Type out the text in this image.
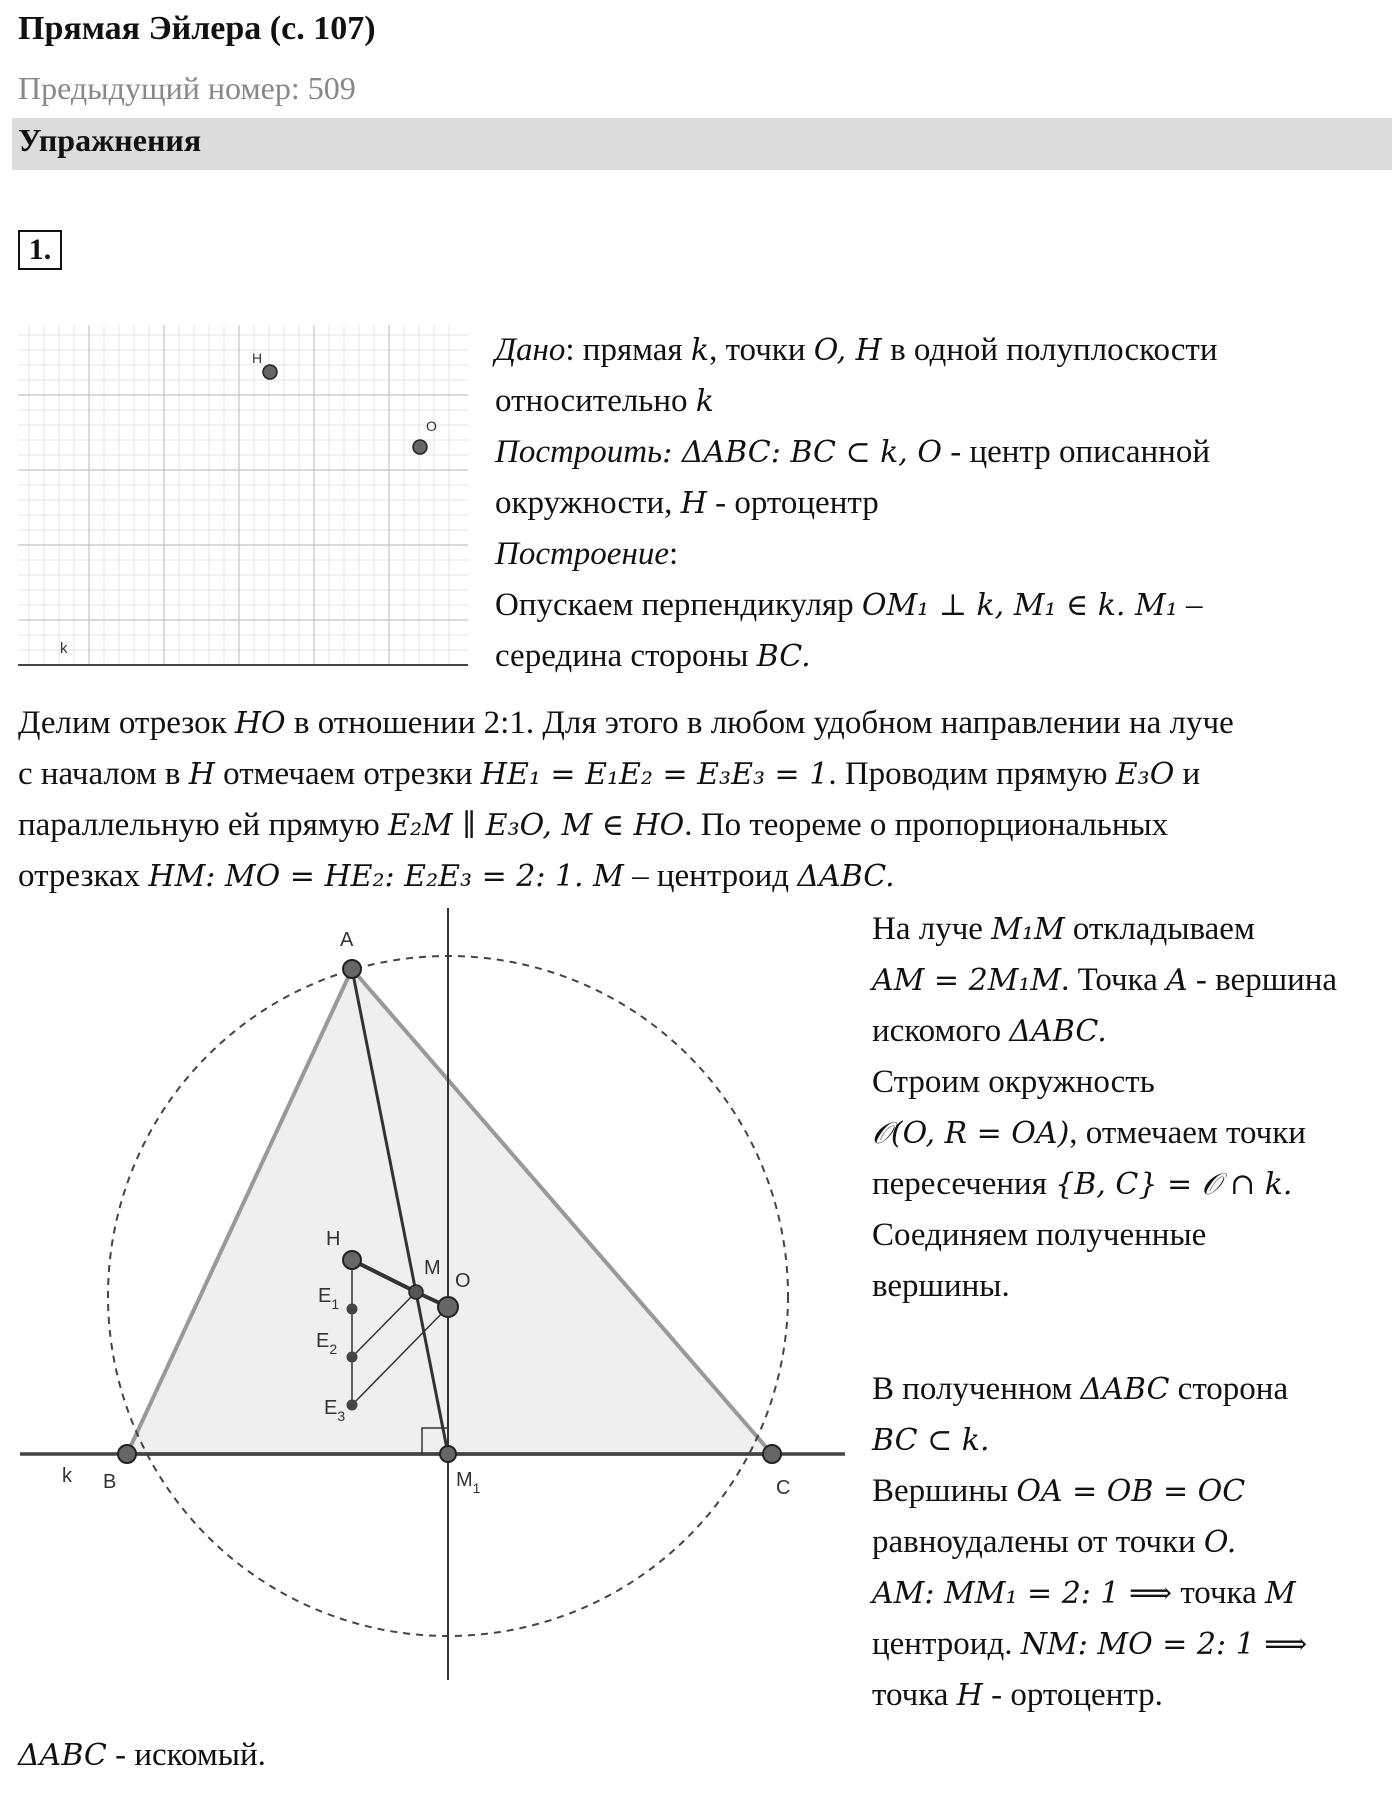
Прямая Эйлера (с. 107)
Предыдущий номер: 509
Упражнения
1.
H
O
k
Дано: прямая k, точки O, H в одной полуплоскости
относительно k
Построить: ΔABC: BC ⊂ k, O - центр описанной
окружности, H - ортоцентр
Построение:
Опускаем перпендикуляр OM₁ ⊥ k, M₁ ∈ k. M₁ –
середина стороны BC.
Делим отрезок HO в отношении 2:1. Для этого в любом удобном направлении на луче
с началом в H отмечаем отрезки HE₁ = E₁E₂ = E₃E₃ = 1. Проводим прямую E₃O и
параллельную ей прямую E₂M ∥ E₃O, M ∈ HO. По теореме о пропорциональных
отрезках HM: MO = HE₂: E₂E₃ = 2: 1. M – центроид ΔABC.
A
B	C
k
H
M
O
$E_1$
$E_2$
$E_3$
$M_1$
На луче M₁M откладываем
AM = 2M₁M. Точка A - вершина
искомого ΔABC.
Строим окружность
𝒪(O, R = OA), отмечаем точки
пересечения {B, C} = 𝒪 ∩ k.
Соединяем полученные
вершины.
В полученном ΔABC сторона
BC ⊂ k.
Вершины OA = OB = OC
равноудалены от точки O.
AM: MM₁ = 2: 1 ⟹ точка M
центроид. NM: MO = 2: 1 ⟹
точка H - ортоцентр.
ΔABC - искомый.
